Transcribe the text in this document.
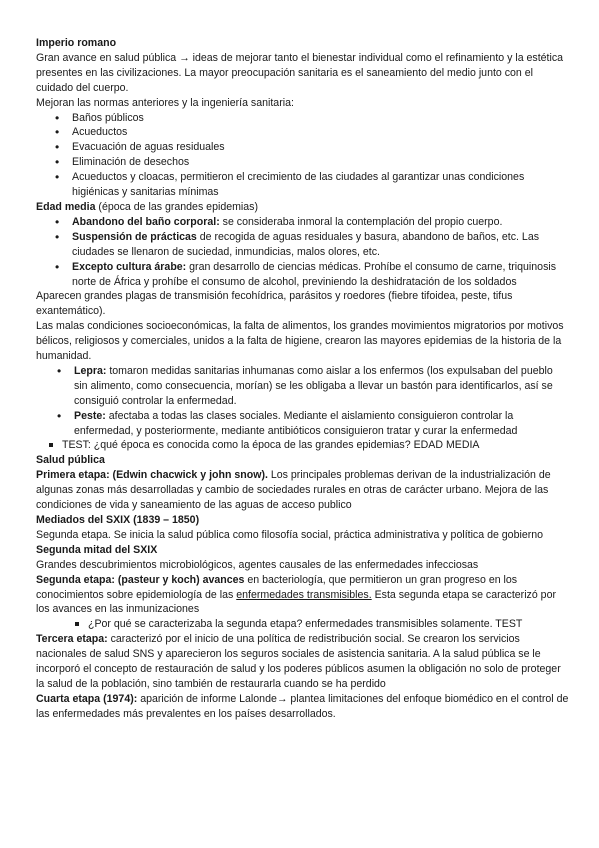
Imperio romano

Gran avance en salud pública → ideas de mejorar tanto el bienestar individual como el refinamiento y la estética presentes en las civilizaciones. La mayor preocupación sanitaria es el saneamiento del medio junto con el cuidado del cuerpo.

Mejoran las normas anteriores y la ingeniería sanitaria:

• Baños públicos
• Acueductos
• Evacuación de aguas residuales
• Eliminación de desechos
• Acueductos y cloacas, permitieron el crecimiento de las ciudades al garantizar unas condiciones higiénicas y sanitarias mínimas

Edad media (época de las grandes epidemias)

• Abandono del baño corporal: se consideraba inmoral la contemplación del propio cuerpo.
• Suspensión de prácticas de recogida de aguas residuales y basura, abandono de baños, etc. Las ciudades se llenaron de suciedad, inmundicias, malos olores, etc.
• Excepto cultura árabe: gran desarrollo de ciencias médicas. Prohíbe el consumo de carne, triquinosis norte de África y prohíbe el consumo de alcohol, previniendo la deshidratación de los soldados

Aparecen grandes plagas de transmisión fecohídrica, parásitos y roedores (fiebre tifoidea, peste, tifus exantemático).

Las malas condiciones socioeconómicas, la falta de alimentos, los grandes movimientos migratorios por motivos bélicos, religiosos y comerciales, unidos a la falta de higiene, crearon las mayores epidemias de la historia de la humanidad.

• Lepra: tomaron medidas sanitarias inhumanas como aislar a los enfermos (los expulsaban del pueblo sin alimento, como consecuencia, morían) se les obligaba a llevar un bastón para identificarlos, así se consiguió controlar la enfermedad.
• Peste: afectaba a todas las clases sociales. Mediante el aislamiento consiguieron controlar la enfermedad, y posteriormente, mediante antibióticos consiguieron tratar y curar la enfermedad
TEST: ¿qué época es conocida como la época de las grandes epidemias? EDAD MEDIA

Salud pública

Primera etapa: (Edwin chacwick y john snow). Los principales problemas derivan de la industrialización de algunas zonas más desarrolladas y cambio de sociedades rurales en otras de carácter urbano. Mejora de las condiciones de vida y saneamiento de las aguas de acceso publico

Mediados del SXIX (1839 – 1850)

Segunda etapa. Se inicia la salud pública como filosofía social, práctica administrativa y política de gobierno

Segunda mitad del SXIX

Grandes descubrimientos microbiológicos, agentes causales de las enfermedades infecciosas

Segunda etapa: (pasteur y koch) avances en bacteriología, que permitieron un gran progreso en los conocimientos sobre epidemiología de las enfermedades transmisibles. Esta segunda etapa se caracterizó por los avances en las inmunizaciones

¿Por qué se caracterizaba la segunda etapa? enfermedades transmisibles solamente. TEST

Tercera etapa: caracterizó por el inicio de una política de redistribución social. Se crearon los servicios nacionales de salud SNS y aparecieron los seguros sociales de asistencia sanitaria. A la salud pública se le incorporó el concepto de restauración de salud y los poderes públicos asumen la obligación no solo de proteger la salud de la población, sino también de restaurarla cuando se ha perdido

Cuarta etapa (1974): aparición de informe Lalonde→ plantea limitaciones del enfoque biomédico en el control de las enfermedades más prevalentes en los países desarrollados.
